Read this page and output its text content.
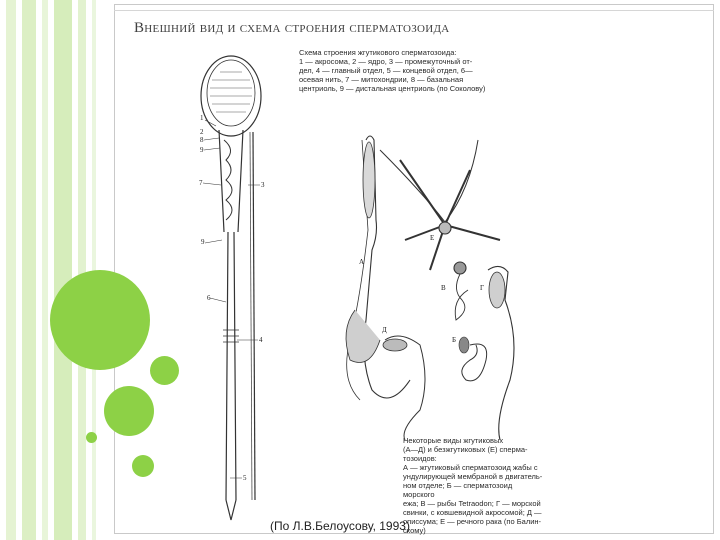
Внешний вид и схема строения сперматозоида
1
2
8
9
7	3
9
6
4
5
А
Б
В	Г
Д
Е
Схема строения жгутикового сперматозоида:
1 — акросома, 2 — ядро, 3 — промежуточный от-
дел, 4 — главный отдел, 5 — концевой отдел, 6—
осевая нить, 7 — митохондрии, 8 — базальная
центриоль, 9 — дистальная центриоль (по Соколову)
Некоторые виды жгутиковых
(А—Д) и безжгутиковых (Е) сперма-
тозоидов:
А — жгутиковый сперматозоид жабы с
ундулирующей мембраной в двигатель-
ном отделе; Б — сперматозоид морского
ежа; В — рыбы Tetraodon; Г — морской
свинки, с ковшевидной акросомой; Д —
описсумa; Е — речного рака (по Балин-
скому)
(По Л.В.Белоусову, 1993)
